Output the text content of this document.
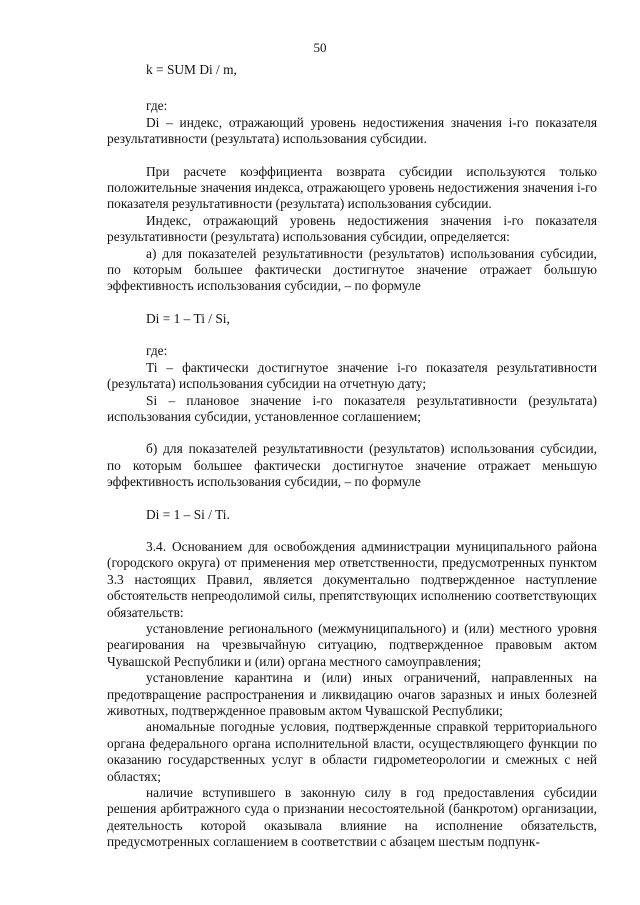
50

k = SUM Di / m,

где:

Di – индекс, отражающий уровень недостижения значения i-го показателя результативности (результата) использования субсидии.

При расчете коэффициента возврата субсидии используются только положительные значения индекса, отражающего уровень недостижения значения i-го показателя результативности (результата) использования субсидии.

Индекс, отражающий уровень недостижения значения i-го показателя результативности (результата) использования субсидии, определяется:

а) для показателей результативности (результатов) использования субсидии, по которым большее фактически достигнутое значение отражает большую эффективность использования субсидии, – по формуле

Di = 1 – Ti / Si,

где:

Ti – фактически достигнутое значение i-го показателя результативности (результата) использования субсидии на отчетную дату;

Si – плановое значение i-го показателя результативности (результата) использования субсидии, установленное соглашением;

б) для показателей результативности (результатов) использования субсидии, по которым большее фактически достигнутое значение отражает меньшую эффективность использования субсидии, – по формуле

Di = 1 – Si / Ti.

3.4. Основанием для освобождения администрации муниципального района (городского округа) от применения мер ответственности, предусмотренных пунктом 3.3 настоящих Правил, является документально подтвержденное наступление обстоятельств непреодолимой силы, препятствующих исполнению соответствующих обязательств:

установление регионального (межмуниципального) и (или) местного уровня реагирования на чрезвычайную ситуацию, подтвержденное правовым актом Чувашской Республики и (или) органа местного самоуправления;

установление карантина и (или) иных ограничений, направленных на предотвращение распространения и ликвидацию очагов заразных и иных болезней животных, подтвержденное правовым актом Чувашской Республики;

аномальные погодные условия, подтвержденные справкой территориального органа федерального органа исполнительной власти, осуществляющего функции по оказанию государственных услуг в области гидрометеорологии и смежных с ней областях;

наличие вступившего в законную силу в год предоставления субсидии решения арбитражного суда о признании несостоятельной (банкротом) организации, деятельность которой оказывала влияние на исполнение обязательств, предусмотренных соглашением в соответствии с абзацем шестым подпунк-
